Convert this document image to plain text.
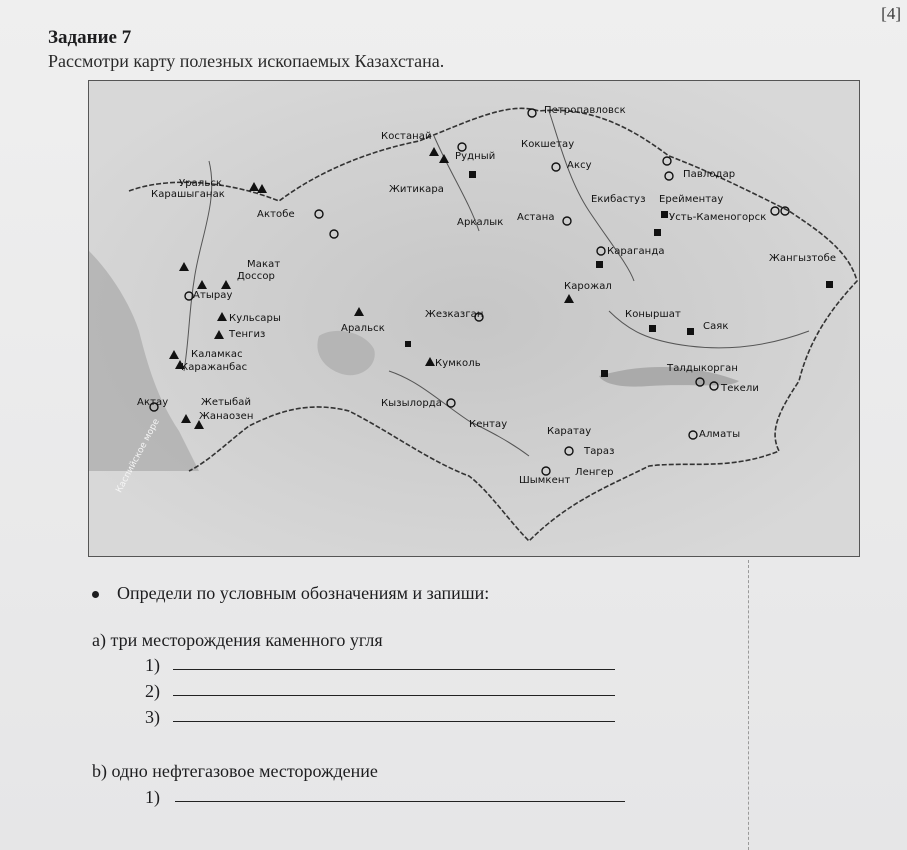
[4]
Задание 7
Рассмотри карту полезных ископаемых Казахстана.
Петропавловск
Костанай
Рудный
Кокшетау
Аксу
Павлодар
Екибастуз Ерейментау
Усть-Каменогорск
Уральск
Карашыганак	Житикара
Актобе
Аркалык Астана
Караганда
Жангызтобе
Макат
Доссор
Атырау
Карожал
Кульсары
Тенгиз
Аральск
Жезказган	Коныршат
Саяк
Каламкас
Каражанбас	Кумколь	Талдыкорган
Текели
Актау	Жетыбай
Жанаозен
Кызылорда
Кентау
Каратау	Алматы
Тараз
Ленгер
Шымкент
Каспийское море
Определи по условным обозначениям и запиши:
а) три месторождения каменного угля
1)
2)
3)
b) одно нефтегазовое месторождение
1)
